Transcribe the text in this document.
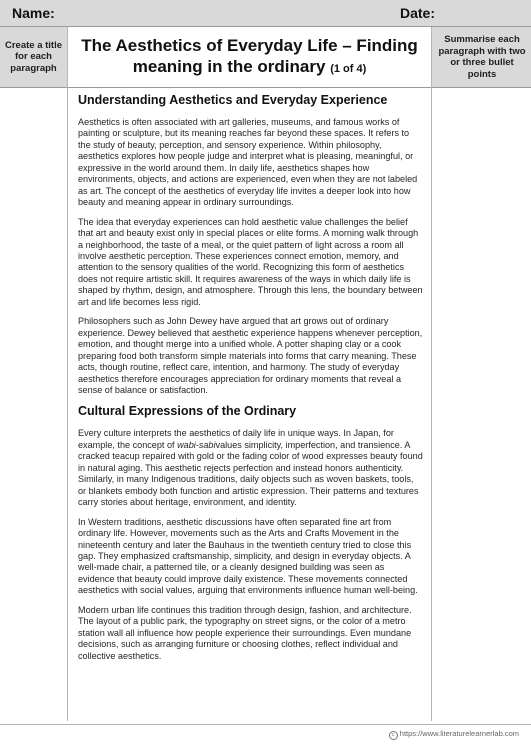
Name:	Date:
Create a title for each paragraph
The Aesthetics of Everyday Life – Finding meaning in the ordinary (1 of 4)
Summarise each paragraph with two or three bullet points
Understanding Aesthetics and Everyday Experience

Aesthetics is often associated with art galleries, museums, and famous works of painting or sculpture, but its meaning reaches far beyond these spaces. It refers to the study of beauty, perception, and sensory experience. Within philosophy, aesthetics explores how people judge and interpret what is pleasing, meaningful, or expressive in the world around them. In daily life, aesthetics shapes how environments, objects, and actions are experienced, even when they are not labeled as art. The concept of the aesthetics of everyday life invites a deeper look into how beauty and meaning appear in ordinary surroundings.

The idea that everyday experiences can hold aesthetic value challenges the belief that art and beauty exist only in special places or elite forms. A morning walk through a neighborhood, the taste of a meal, or the quiet pattern of light across a room all involve aesthetic perception. These experiences connect emotion, memory, and attention to the sensory qualities of the world. Recognizing this form of aesthetics does not require artistic skill. It requires awareness of the ways in which daily life is shaped by rhythm, design, and atmosphere. Through this lens, the boundary between art and life becomes less rigid.

Philosophers such as John Dewey have argued that art grows out of ordinary experience. Dewey believed that aesthetic experience happens whenever perception, emotion, and thought merge into a unified whole. A potter shaping clay or a cook preparing food both transform simple materials into forms that carry meaning. These acts, though routine, reflect care, intention, and harmony. The study of everyday aesthetics therefore encourages appreciation for ordinary moments that reveal a sense of balance or satisfaction.

Cultural Expressions of the Ordinary

Every culture interprets the aesthetics of daily life in unique ways. In Japan, for example, the concept of wabi-sabivalues simplicity, imperfection, and transience. A cracked teacup repaired with gold or the fading color of wood expresses beauty found in natural aging. This aesthetic rejects perfection and instead honors authenticity. Similarly, in many Indigenous traditions, daily objects such as woven baskets, tools, or blankets embody both function and artistic expression. Their patterns and textures carry stories about heritage, environment, and identity.

In Western traditions, aesthetic discussions have often separated fine art from ordinary life. However, movements such as the Arts and Crafts Movement in the nineteenth century and later the Bauhaus in the twentieth century tried to close this gap. They emphasized craftsmanship, simplicity, and design in everyday objects. A well-made chair, a patterned tile, or a cleanly designed building was seen as evidence that beauty could improve daily existence. These movements connected aesthetics with social values, arguing that environments influence human well-being.

Modern urban life continues this tradition through design, fashion, and architecture. The layout of a public park, the typography on street signs, or the color of a metro station wall all influence how people experience their surroundings. Even mundane decisions, such as arranging furniture or choosing clothes, reflect individual and collective aesthetics.

c https://www.literaturelearnerlab.com
